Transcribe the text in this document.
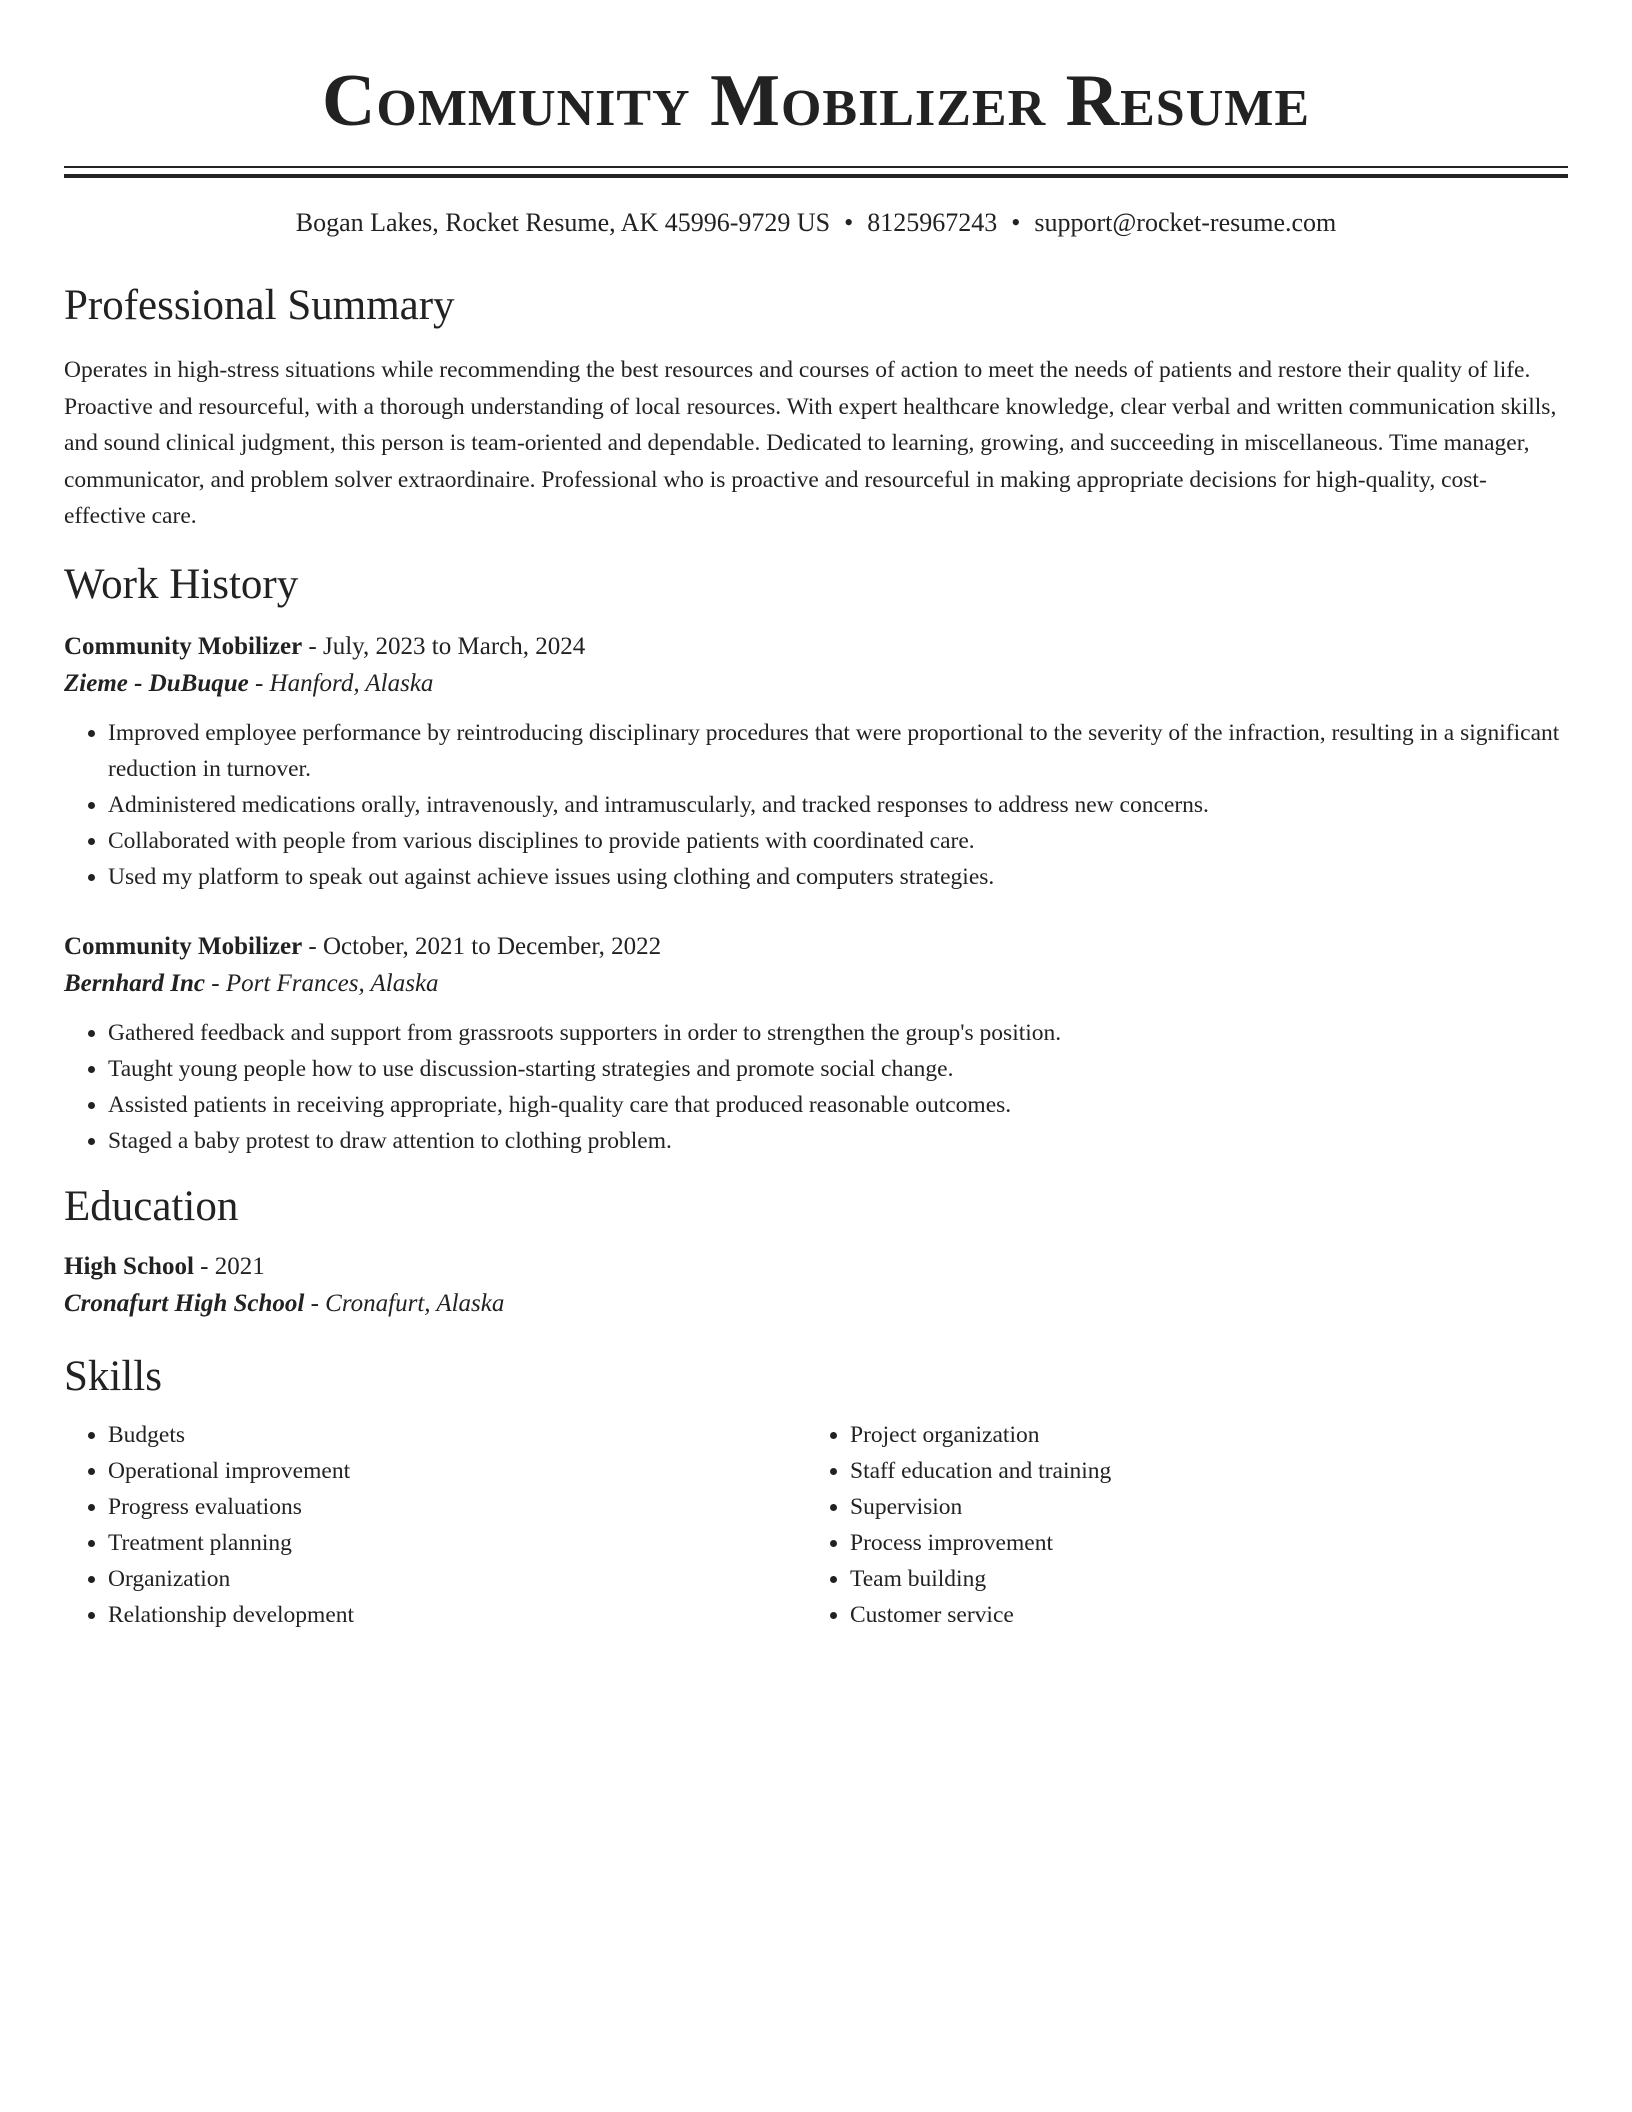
Community Mobilizer Resume
Bogan Lakes, Rocket Resume, AK 45996-9729 US • 8125967243 • support@rocket-resume.com
Professional Summary

Operates in high-stress situations while recommending the best resources and courses of action to meet the needs of patients and restore their quality of life. Proactive and resourceful, with a thorough understanding of local resources. With expert healthcare knowledge, clear verbal and written communication skills, and sound clinical judgment, this person is team-oriented and dependable. Dedicated to learning, growing, and succeeding in miscellaneous. Time manager, communicator, and problem solver extraordinaire. Professional who is proactive and resourceful in making appropriate decisions for high-quality, cost-effective care.

Work History
Community Mobilizer - July, 2023 to March, 2024
Zieme - DuBuque - Hanford, Alaska
• Improved employee performance by reintroducing disciplinary procedures that were proportional to the severity of the infraction, resulting in a significant reduction in turnover.
• Administered medications orally, intravenously, and intramuscularly, and tracked responses to address new concerns.
• Collaborated with people from various disciplines to provide patients with coordinated care.
• Used my platform to speak out against achieve issues using clothing and computers strategies.
Community Mobilizer - October, 2021 to December, 2022
Bernhard Inc - Port Frances, Alaska
• Gathered feedback and support from grassroots supporters in order to strengthen the group's position.
• Taught young people how to use discussion-starting strategies and promote social change.
• Assisted patients in receiving appropriate, high-quality care that produced reasonable outcomes.
• Staged a baby protest to draw attention to clothing problem.
Education
High School - 2021
Cronafurt High School - Cronafurt, Alaska
Skills
• Budgets
• Operational improvement
• Progress evaluations
• Treatment planning
• Organization
• Relationship development
• Project organization
• Staff education and training
• Supervision
• Process improvement
• Team building
• Customer service
